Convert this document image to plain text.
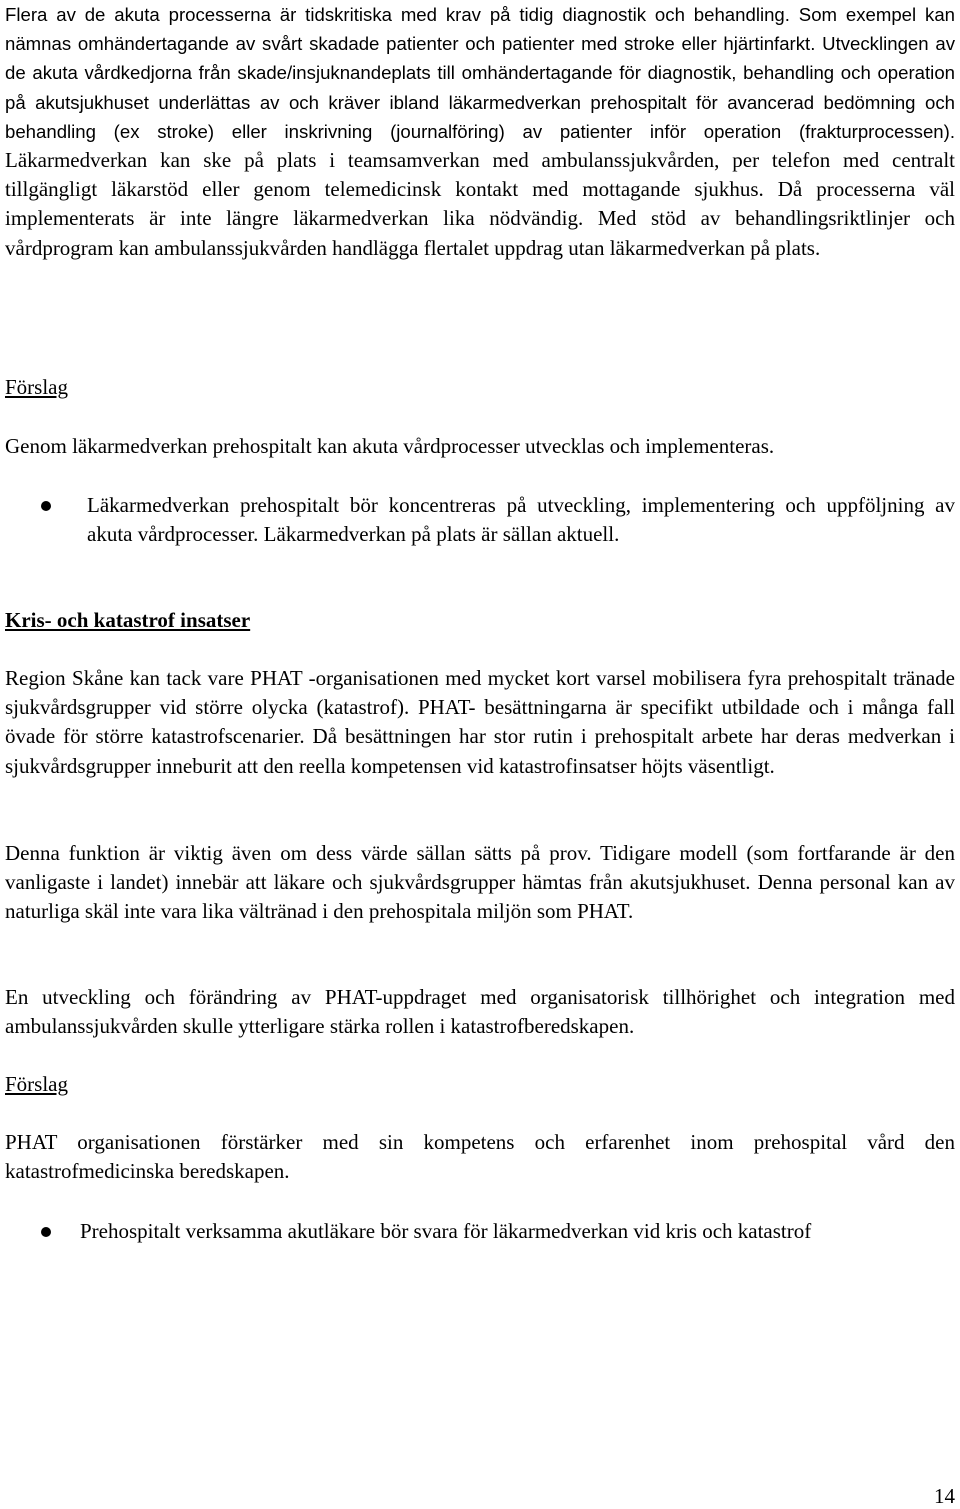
Flera av de akuta processerna är tidskritiska med krav på tidig diagnostik och behandling. Som exempel kan nämnas omhändertagande av svårt skadade patienter och patienter med stroke eller hjärtinfarkt. Utvecklingen av de akuta vårdkedjorna från skade/insjuknandeplats till omhändertagande för diagnostik, behandling och operation på akutsjukhuset underlättas av och kräver ibland läkarmedverkan prehospitalt för avancerad bedömning och behandling (ex stroke) eller inskrivning (journalföring) av patienter inför operation (frakturprocessen). Läkarmedverkan kan ske på plats i teamsamverkan med ambulanssjukvården, per telefon med centralt tillgängligt läkarstöd eller genom telemedicinsk kontakt med mottagande sjukhus. Då processerna väl implementerats är inte längre läkarmedverkan lika nödvändig. Med stöd av behandlingsriktlinjer och vårdprogram kan ambulanssjukvården handlägga flertalet uppdrag utan läkarmedverkan på plats.

Förslag

Genom läkarmedverkan prehospitalt kan akuta vårdprocesser utvecklas och implementeras.

Läkarmedverkan prehospitalt bör koncentreras på utveckling, implementering och uppföljning av akuta vårdprocesser. Läkarmedverkan på plats är sällan aktuell.
Kris- och katastrof insatser

Region Skåne kan tack vare PHAT -organisationen med mycket kort varsel mobilisera fyra prehospitalt tränade sjukvårdsgrupper vid större olycka (katastrof). PHAT- besättningarna är specifikt utbildade och i många fall övade för större katastrofscenarier. Då besättningen har stor rutin i prehospitalt arbete har deras medverkan i sjukvårdsgrupper inneburit att den reella kompetensen vid katastrofinsatser höjts väsentligt.

Denna funktion är viktig även om dess värde sällan sätts på prov. Tidigare modell (som fortfarande är den vanligaste i landet) innebär att läkare och sjukvårdsgrupper hämtas från akutsjukhuset. Denna personal kan av naturliga skäl inte vara lika vältränad i den prehospitala miljön som PHAT.

En utveckling och förändring av PHAT-uppdraget med organisatorisk tillhörighet och integration med ambulanssjukvården skulle ytterligare stärka rollen i katastrofberedskapen.

Förslag

PHAT organisationen förstärker med sin kompetens och erfarenhet inom prehospital vård den katastrofmedicinska beredskapen.

Prehospitalt verksamma akutläkare bör svara för läkarmedverkan vid kris och katastrof
14
